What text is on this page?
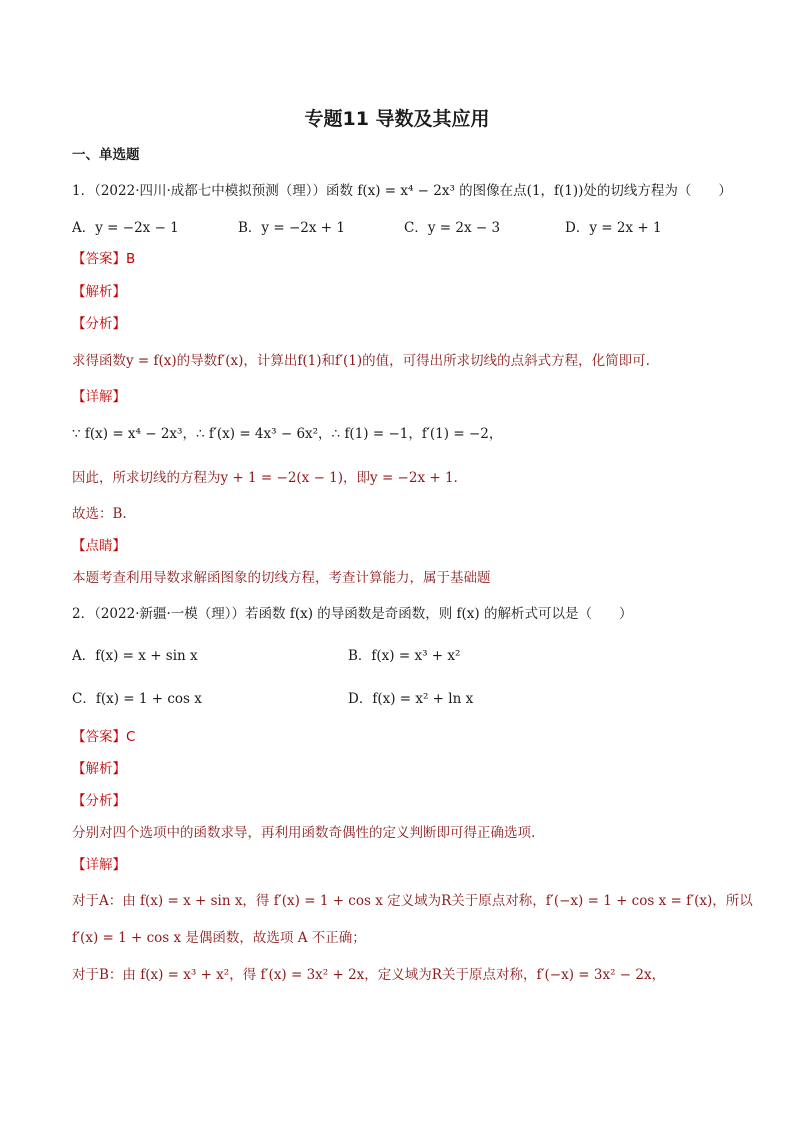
专题11 导数及其应用
一、单选题
1．（2022·四川·成都七中模拟预测（理））函数 f(x) = x⁴ − 2x³ 的图像在点(1，f(1))处的切线方程为（　　）
A．y = −2x − 1	B．y = −2x + 1	C．y = 2x − 3	D．y = 2x + 1
【答案】B
【解析】
【分析】
求得函数y = f(x)的导数f′(x)，计算出f(1)和f′(1)的值，可得出所求切线的点斜式方程，化简即可.
【详解】
∵ f(x) = x⁴ − 2x³，∴ f′(x) = 4x³ − 6x²，∴ f(1) = −1，f′(1) = −2，
因此，所求切线的方程为y + 1 = −2(x − 1)，即y = −2x + 1.
故选：B.
【点睛】
本题考查利用导数求解函图象的切线方程，考查计算能力，属于基础题
2．（2022·新疆·一模（理））若函数 f(x) 的导函数是奇函数，则 f(x) 的解析式可以是（　　）
A．f(x) = x + sin x	B．f(x) = x³ + x²
C．f(x) = 1 + cos x	D．f(x) = x² + ln x
【答案】C
【解析】
【分析】
分别对四个选项中的函数求导，再利用函数奇偶性的定义判断即可得正确选项.
【详解】
对于A：由 f(x) = x + sin x，得 f′(x) = 1 + cos x 定义域为R关于原点对称，f′(−x) = 1 + cos x = f′(x)，所以
f′(x) = 1 + cos x 是偶函数，故选项 A 不正确；
对于B：由 f(x) = x³ + x²，得 f′(x) = 3x² + 2x，定义域为R关于原点对称，f′(−x) = 3x² − 2x，
